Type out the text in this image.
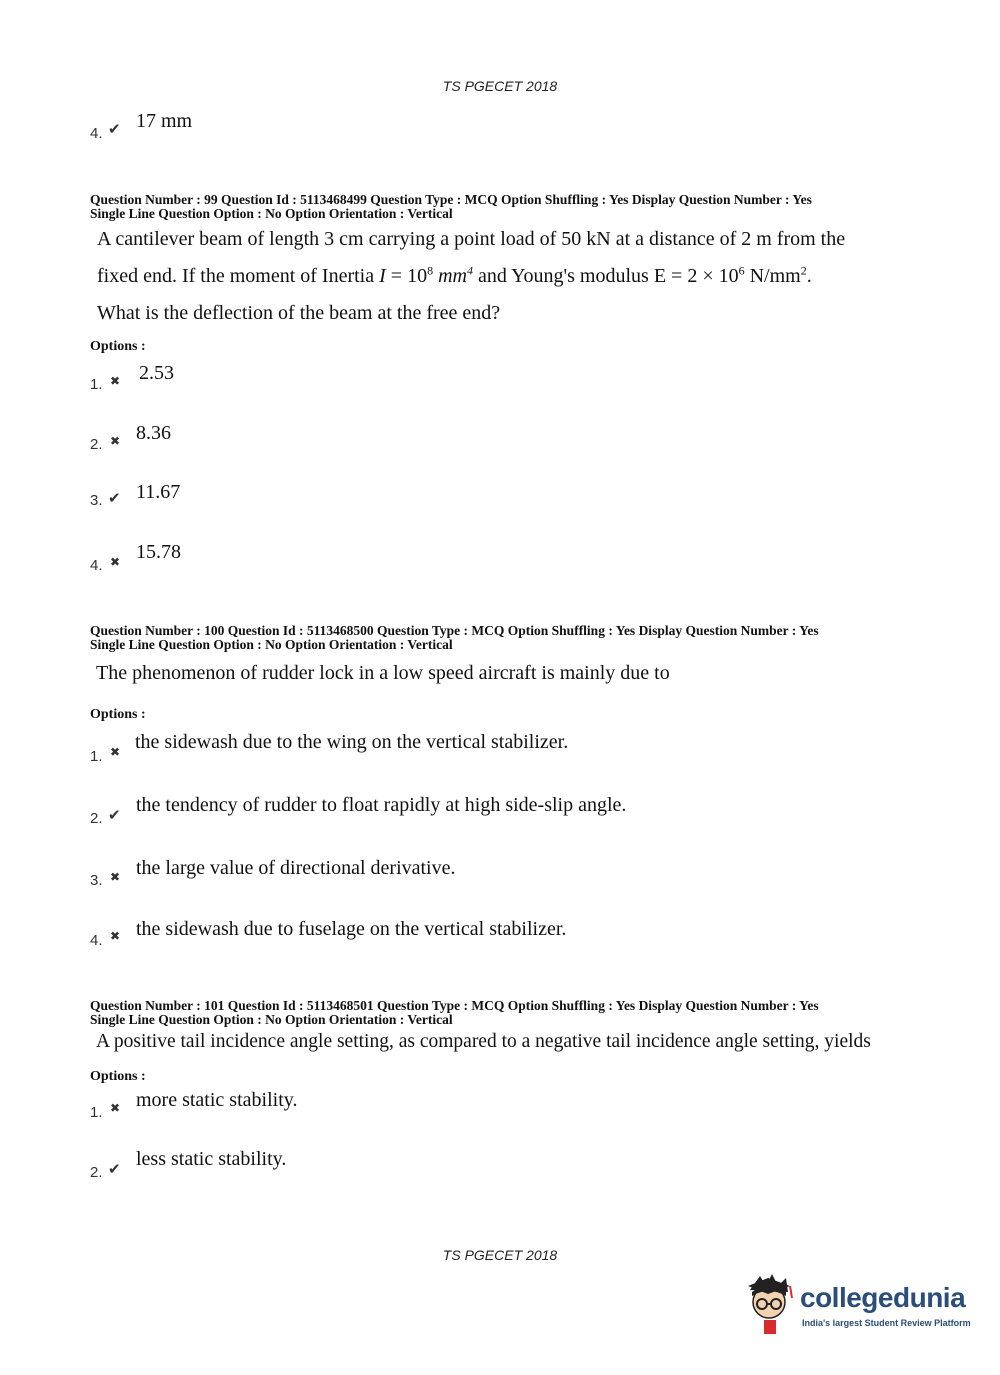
TS PGECET 2018
4. ✔ 17 mm
Question Number : 99 Question Id : 5113468499 Question Type : MCQ Option Shuffling : Yes Display Question Number : Yes
Single Line Question Option : No Option Orientation : Vertical
A cantilever beam of length 3 cm carrying a point load of 50 kN at a distance of 2 m from the
fixed end. If the moment of Inertia $I = 10^8$ $mm^4$ and Young's modulus $E = 2 \times 10^6$ $N/mm^2$.
What is the deflection of the beam at the free end?
Options :
1. ✖ 2.53
2. ✖ 8.36
3. ✔ 11.67
4. ✖ 15.78
Question Number : 100 Question Id : 5113468500 Question Type : MCQ Option Shuffling : Yes Display Question Number : Yes
Single Line Question Option : No Option Orientation : Vertical
The phenomenon of rudder lock in a low speed aircraft is mainly due to
Options :
1. ✖ the sidewash due to the wing on the vertical stabilizer.
2. ✔ the tendency of rudder to float rapidly at high side-slip angle.
3. ✖ the large value of directional derivative.
4. ✖ the sidewash due to fuselage on the vertical stabilizer.
Question Number : 101 Question Id : 5113468501 Question Type : MCQ Option Shuffling : Yes Display Question Number : Yes
Single Line Question Option : No Option Orientation : Vertical
A positive tail incidence angle setting, as compared to a negative tail incidence angle setting, yields
Options :
1. ✖ more static stability.
2. ✔ less static stability.
TS PGECET 2018
collegedunia
India's largest Student Review Platform
